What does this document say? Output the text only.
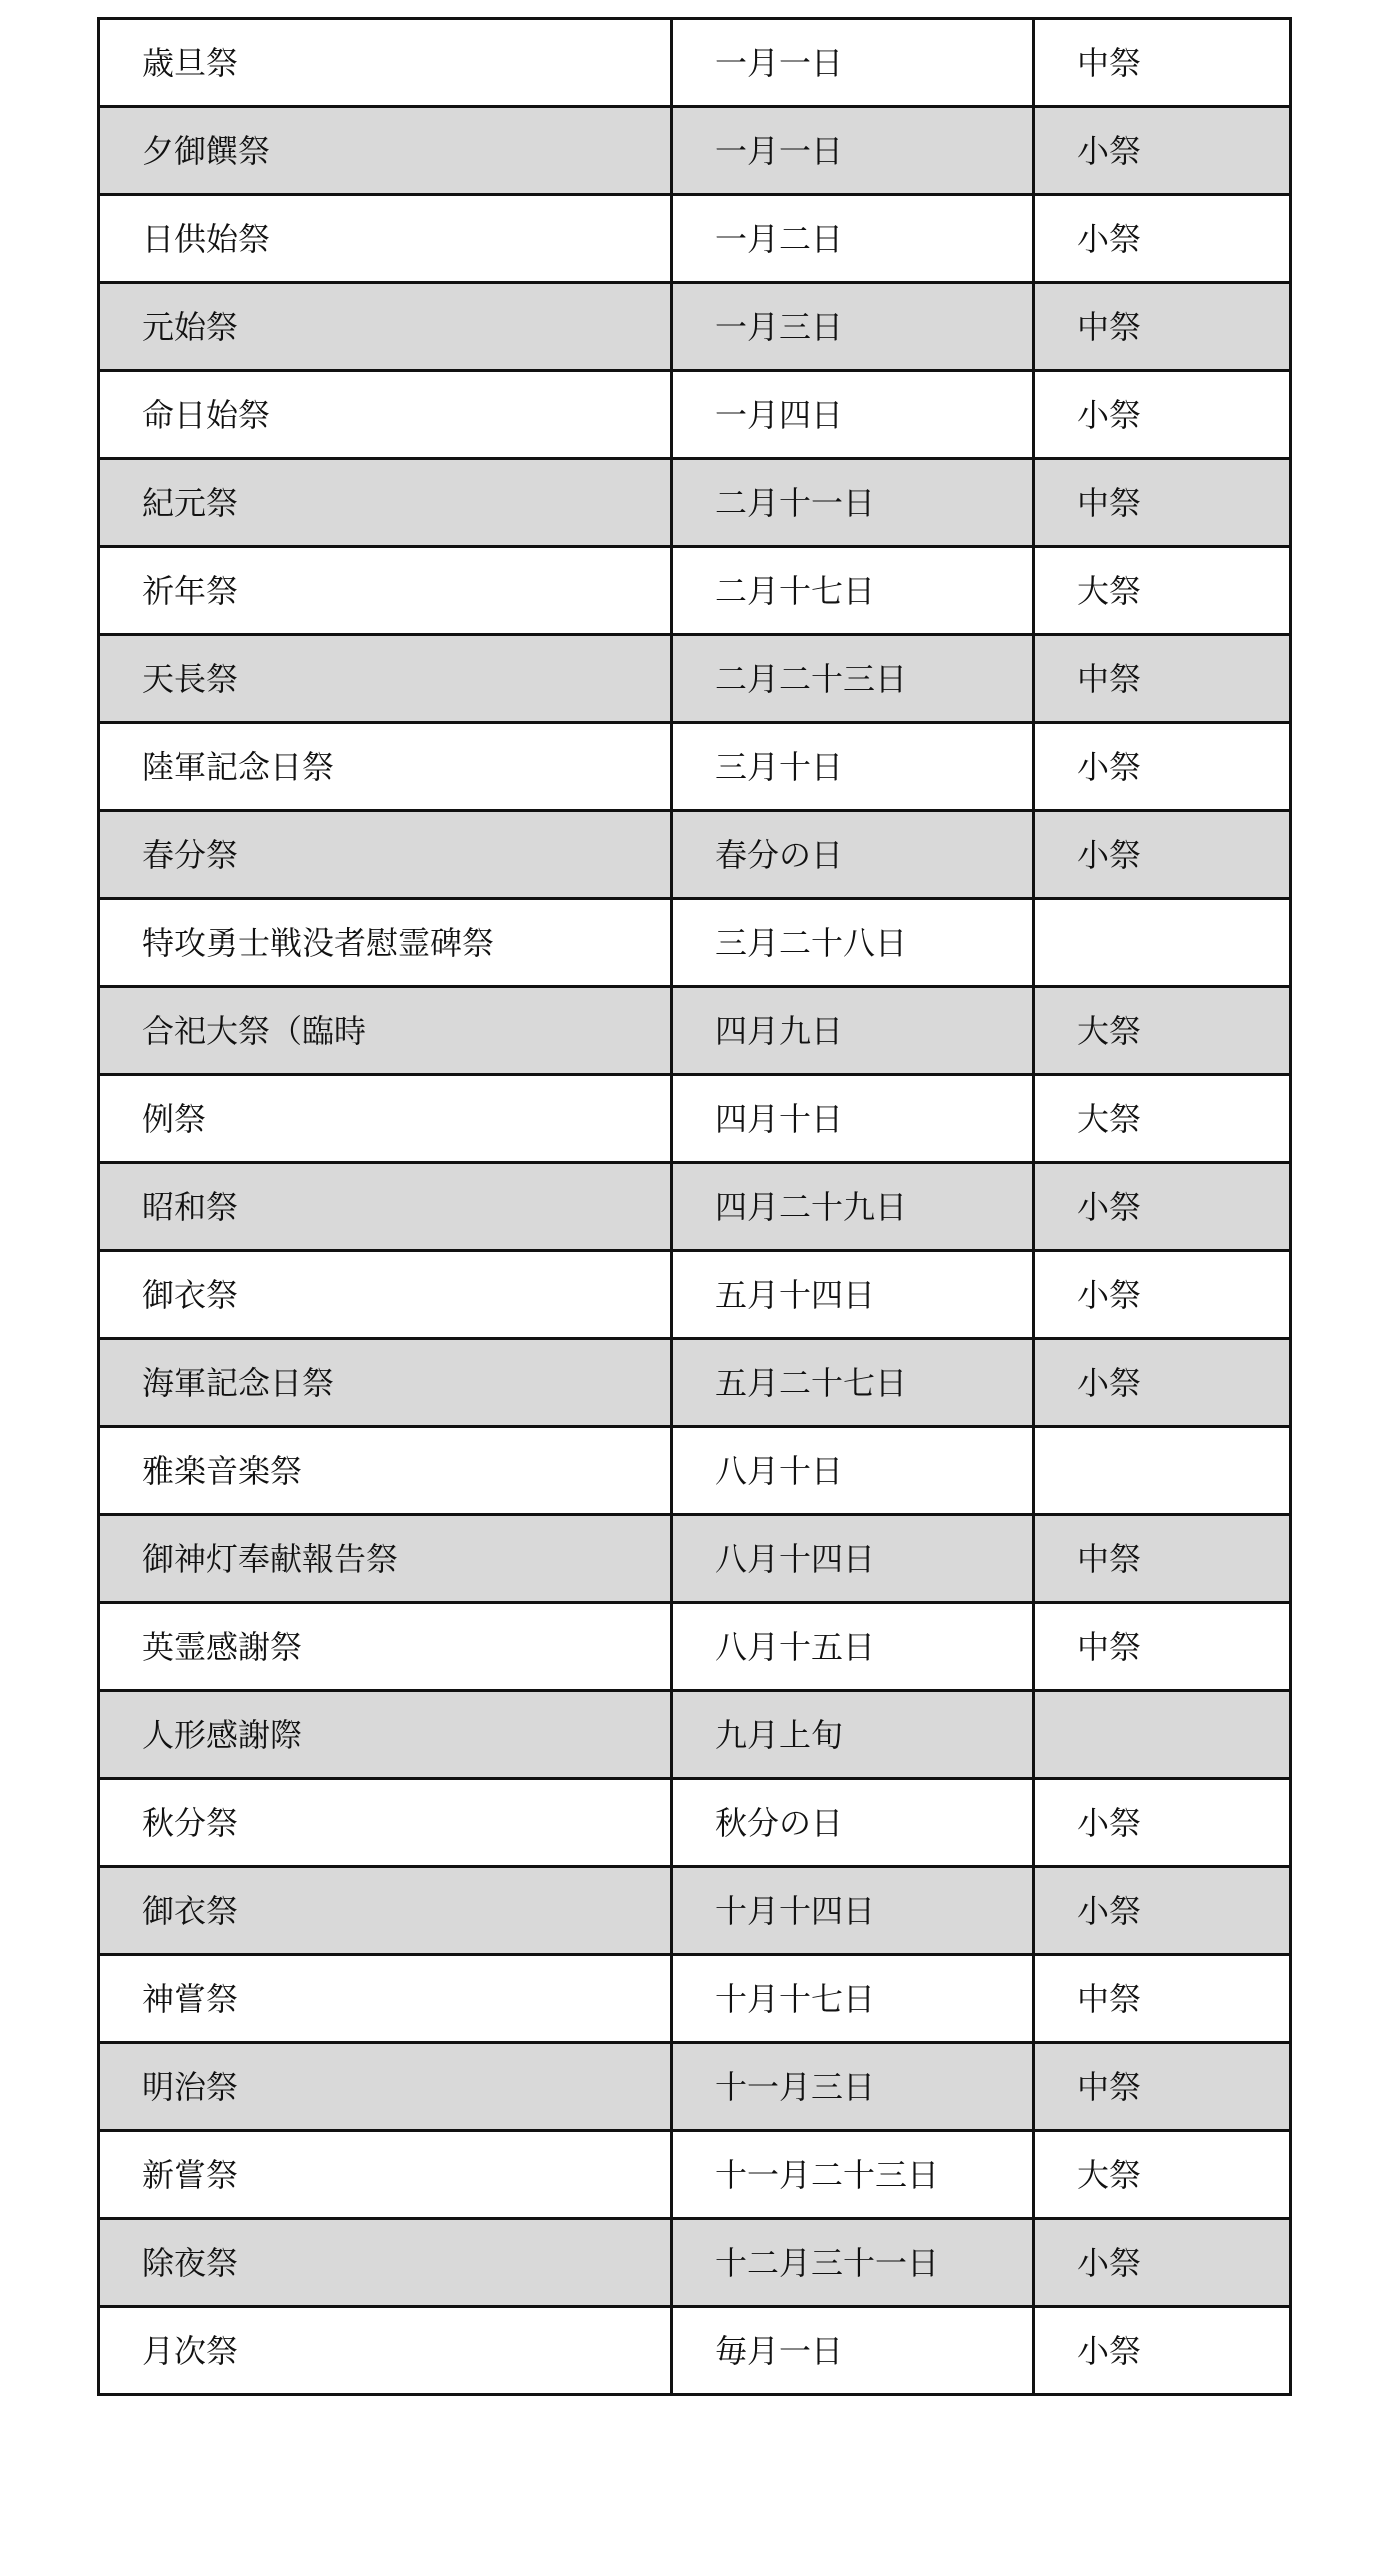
歳旦祭	一月一日	中祭
夕御饌祭	一月一日	小祭
日供始祭	一月二日	小祭
元始祭	一月三日	中祭
命日始祭	一月四日	小祭
紀元祭	二月十一日	中祭
祈年祭	二月十七日	大祭
天長祭	二月二十三日	中祭
陸軍記念日祭	三月十日	小祭
春分祭	春分の日	小祭
特攻勇士戦没者慰霊碑祭	三月二十八日	
合祀大祭（臨時	四月九日	大祭
例祭	四月十日	大祭
昭和祭	四月二十九日	小祭
御衣祭	五月十四日	小祭
海軍記念日祭	五月二十七日	小祭
雅楽音楽祭	八月十日	
御神灯奉献報告祭	八月十四日	中祭
英霊感謝祭	八月十五日	中祭
人形感謝際	九月上旬	
秋分祭	秋分の日	小祭
御衣祭	十月十四日	小祭
神嘗祭	十月十七日	中祭
明治祭	十一月三日	中祭
新嘗祭	十一月二十三日	大祭
除夜祭	十二月三十一日	小祭
月次祭	毎月一日	小祭
